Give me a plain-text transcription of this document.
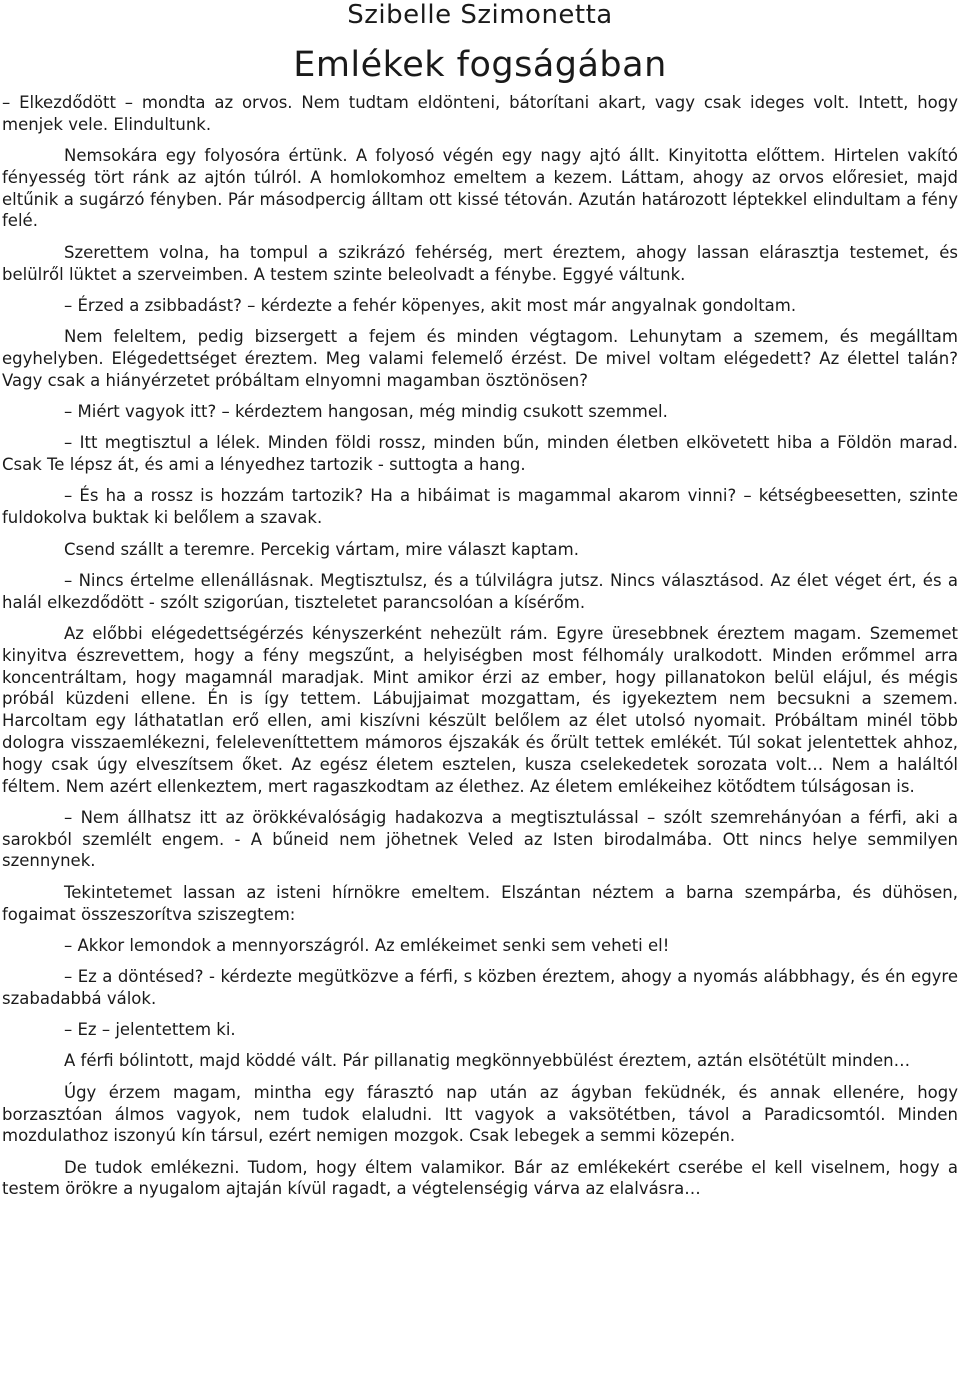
Szibelle Szimonetta
Emlékek fogságában

– Elkezdődött – mondta az orvos. Nem tudtam eldönteni, bátorítani akart, vagy csak ideges volt. Intett, hogy menjek vele. Elindultunk.

Nemsokára egy folyosóra értünk. A folyosó végén egy nagy ajtó állt. Kinyitotta előttem. Hirtelen vakító fényesség tört ránk az ajtón túlról. A homlokomhoz emeltem a kezem. Láttam, ahogy az orvos előresiet, majd eltűnik a sugárzó fényben. Pár másodpercig álltam ott kissé tétován. Azután határozott léptekkel elindultam a fény felé.

Szerettem volna, ha tompul a szikrázó fehérség, mert éreztem, ahogy lassan elárasztja testemet, és belülről lüktet a szerveimben. A testem szinte beleolvadt a fénybe. Eggyé váltunk.

– Érzed a zsibbadást? – kérdezte a fehér köpenyes, akit most már angyalnak gondoltam.

Nem feleltem, pedig bizsergett a fejem és minden végtagom. Lehunytam a szemem, és megálltam egyhelyben. Elégedettséget éreztem. Meg valami felemelő érzést. De mivel voltam elégedett? Az élettel talán? Vagy csak a hiányérzetet próbáltam elnyomni magamban ösztönösen?

– Miért vagyok itt? – kérdeztem hangosan, még mindig csukott szemmel.

– Itt megtisztul a lélek. Minden földi rossz, minden bűn, minden életben elkövetett hiba a Földön marad. Csak Te lépsz át, és ami a lényedhez tartozik - suttogta a hang.

– És ha a rossz is hozzám tartozik? Ha a hibáimat is magammal akarom vinni? – kétségbeesetten, szinte fuldokolva buktak ki belőlem a szavak.

Csend szállt a teremre. Percekig vártam, mire választ kaptam.

– Nincs értelme ellenállásnak. Megtisztulsz, és a túlvilágra jutsz. Nincs választásod. Az élet véget ért, és a halál elkezdődött - szólt szigorúan, tiszteletet parancsolóan a kísérőm.

Az előbbi elégedettségérzés kényszerként nehezült rám. Egyre üresebbnek éreztem magam. Szememet kinyitva észrevettem, hogy a fény megszűnt, a helyiségben most félhomály uralkodott. Minden erőmmel arra koncentráltam, hogy magamnál maradjak. Mint amikor érzi az ember, hogy pillanatokon belül elájul, és mégis próbál küzdeni ellene. Én is így tettem. Lábujjaimat mozgattam, és igyekeztem nem becsukni a szemem. Harcoltam egy láthatatlan erő ellen, ami kiszívni készült belőlem az élet utolsó nyomait. Próbáltam minél több dologra visszaemlékezni, feleleveníttettem mámoros éjszakák és őrült tettek emlékét. Túl sokat jelentettek ahhoz, hogy csak úgy elveszítsem őket. Az egész életem esztelen, kusza cselekedetek sorozata volt… Nem a haláltól féltem. Nem azért ellenkeztem, mert ragaszkodtam az élethez. Az életem emlékeihez kötődtem túlságosan is.

– Nem állhatsz itt az örökkévalóságig hadakozva a megtisztulással – szólt szemrehányóan a férfi, aki a sarokból szemlélt engem. - A bűneid nem jöhetnek Veled az Isten birodalmába. Ott nincs helye semmilyen szennynek.

Tekintetemet lassan az isteni hírnökre emeltem. Elszántan néztem a barna szempárba, és dühösen, fogaimat összeszorítva sziszegtem:

– Akkor lemondok a mennyországról. Az emlékeimet senki sem veheti el!

– Ez a döntésed? - kérdezte megütközve a férfi, s közben éreztem, ahogy a nyomás alábbhagy, és én egyre szabadabbá válok.

– Ez – jelentettem ki.

A férfi bólintott, majd köddé vált. Pár pillanatig megkönnyebbülést éreztem, aztán elsötétült minden…

Úgy érzem magam, mintha egy fárasztó nap után az ágyban feküdnék, és annak ellenére, hogy borzasztóan álmos vagyok, nem tudok elaludni. Itt vagyok a vaksötétben, távol a Paradicsomtól. Minden mozdulathoz iszonyú kín társul, ezért nemigen mozgok. Csak lebegek a semmi közepén.

De tudok emlékezni. Tudom, hogy éltem valamikor. Bár az emlékekért cserébe el kell viselnem, hogy a testem örökre a nyugalom ajtaján kívül ragadt, a végtelenségig várva az elalvásra…
